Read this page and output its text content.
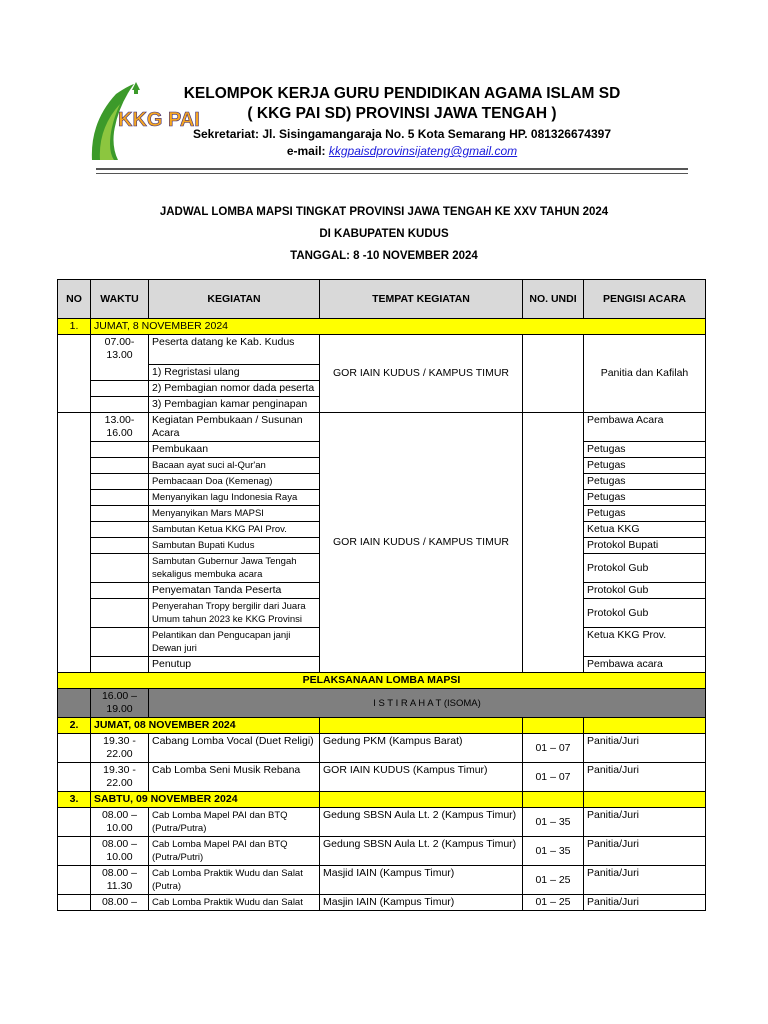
KKG PAI
KELOMPOK KERJA GURU PENDIDIKAN AGAMA ISLAM SD
( KKG PAI SD) PROVINSI JAWA TENGAH )
Sekretariat: Jl. Sisingamangaraja No. 5 Kota Semarang HP. 081326674397
e-mail: kkgpaisdprovinsijateng@gmail.com
JADWAL LOMBA MAPSI TINGKAT PROVINSI JAWA TENGAH KE XXV TAHUN 2024
DI KABUPATEN KUDUS
TANGGAL: 8 -10 NOVEMBER 2024
NO	WAKTU	KEGIATAN	TEMPAT KEGIATAN	NO. UNDI	PENGISI ACARA
1.	JUMAT, 8 NOVEMBER 2024				
	07.00- 13.00	Peserta datang ke Kab. Kudus	GOR IAIN KUDUS / KAMPUS TIMUR		Panitia dan Kafilah
		1) Regristasi ulang			
		2) Pembagian nomor dada peserta			
		3) Pembagian kamar penginapan			
	13.00- 16.00	Kegiatan Pembukaan / Susunan Acara	GOR IAIN KUDUS / KAMPUS TIMUR		Pembawa Acara
		Pembukaan			Petugas
		Bacaan ayat suci al-Qur'an			Petugas
		Pembacaan Doa (Kemenag)			Petugas
		Menyanyikan lagu Indonesia Raya			Petugas
		Menyanyikan Mars MAPSI			Petugas
		Sambutan Ketua KKG PAI Prov.			Ketua KKG
		Sambutan Bupati Kudus			Protokol Bupati
		Sambutan Gubernur Jawa Tengah sekaligus membuka acara			Protokol Gub
		Penyematan Tanda Peserta			Protokol Gub
		Penyerahan Tropy bergilir dari Juara Umum tahun 2023 ke KKG Provinsi			Protokol Gub
		Pelantikan dan Pengucapan janji Dewan juri			Ketua KKG Prov.
		Penutup			Pembawa acara
PELAKSANAAN LOMBA MAPSI					
	16.00 – 19.00	I S T I R A H A T (ISOMA)			
2.	JUMAT, 08 NOVEMBER 2024				
	19.30 - 22.00	Cabang Lomba Vocal (Duet Religi)	Gedung PKM (Kampus Barat)	01 – 07	Panitia/Juri
	19.30 - 22.00	Cab Lomba Seni Musik Rebana	GOR IAIN KUDUS (Kampus Timur)	01 – 07	Panitia/Juri
3.	SABTU, 09 NOVEMBER 2024				
	08.00 – 10.00	Cab Lomba Mapel PAI dan BTQ (Putra/Putra)	Gedung SBSN Aula Lt. 2 (Kampus Timur)	01 – 35	Panitia/Juri
	08.00 – 10.00	Cab Lomba Mapel PAI dan BTQ (Putra/Putri)	Gedung SBSN Aula Lt. 2 (Kampus Timur)	01 – 35	Panitia/Juri
	08.00 – 11.30	Cab Lomba Praktik Wudu dan Salat (Putra)	Masjid IAIN (Kampus Timur)	01 – 25	Panitia/Juri
	08.00 –	Cab Lomba Praktik Wudu dan Salat	Masjin IAIN (Kampus Timur)	01 – 25	Panitia/Juri
